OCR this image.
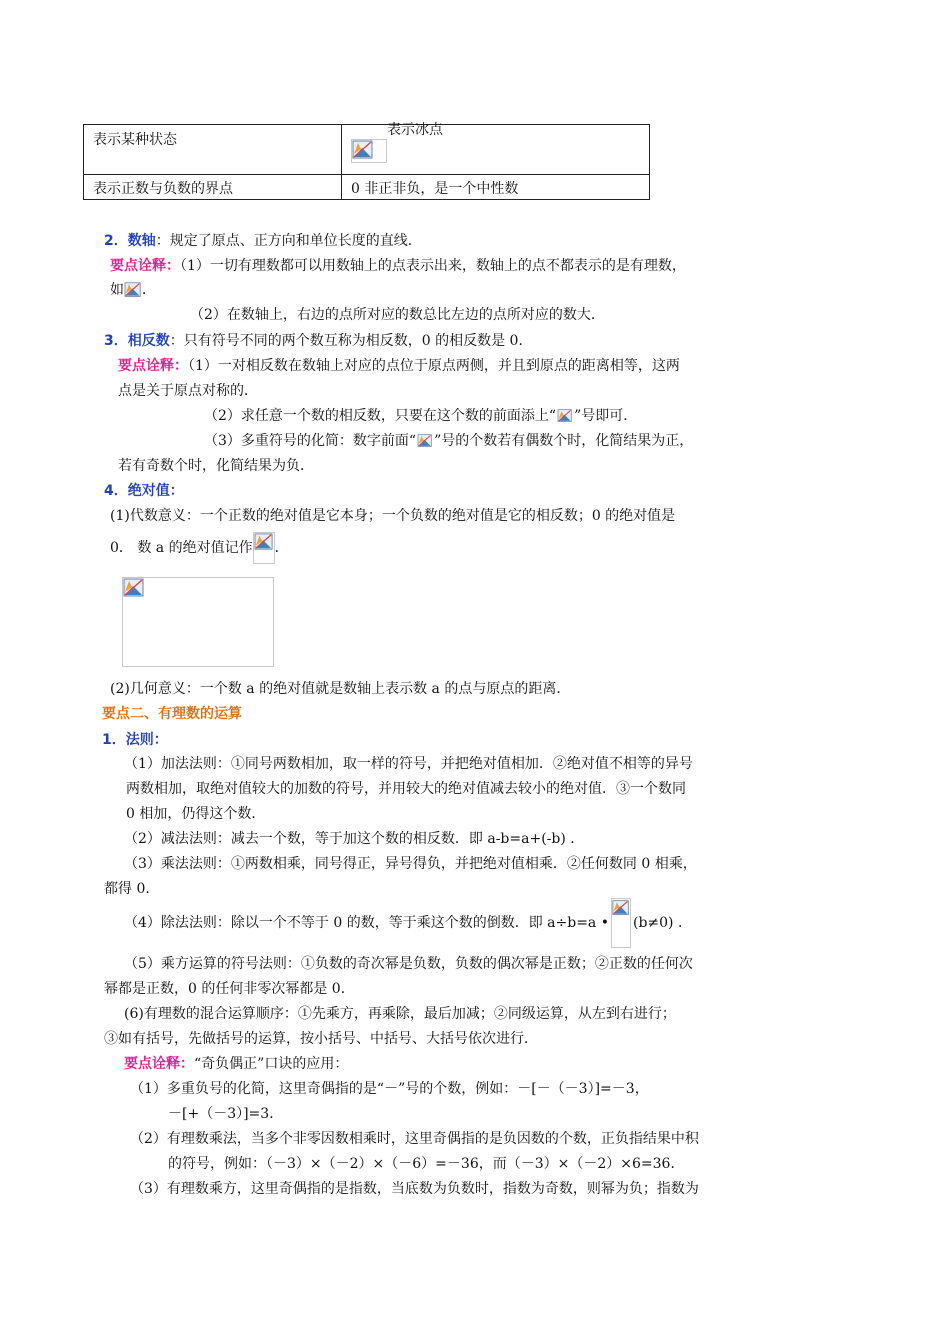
表示某种状态	表示冰点
表示正数与负数的界点	0 非正非负，是一个中性数
2．数轴：规定了原点、正方向和单位长度的直线．
要点诠释：（1）一切有理数都可以用数轴上的点表示出来，数轴上的点不都表示的是有理数，
如 ．
（2）在数轴上，右边的点所对应的数总比左边的点所对应的数大．
3．相反数：只有符号不同的两个数互称为相反数，0 的相反数是 0．
要点诠释：（1）一对相反数在数轴上对应的点位于原点两侧，并且到原点的距离相等，这两
点是关于原点对称的．
（2）求任意一个数的相反数，只要在这个数的前面添上“ ”号即可．
（3）多重符号的化简：数字前面“ ”号的个数若有偶数个时，化简结果为正，
若有奇数个时，化简结果为负．
4．绝对值：
(1)代数意义：一个正数的绝对值是它本身；一个负数的绝对值是它的相反数；0 的绝对值是
0． 数 a 的绝对值记作 ．
(2)几何意义：一个数 a 的绝对值就是数轴上表示数 a 的点与原点的距离．
要点二、有理数的运算
1．法则：
（1）加法法则：①同号两数相加，取一样的符号，并把绝对值相加．②绝对值不相等的异号
两数相加，取绝对值较大的加数的符号，并用较大的绝对值减去较小的绝对值．③一个数同
0 相加，仍得这个数．
（2）减法法则：减去一个数，等于加这个数的相反数．即 a-b=a+(-b) ．
（3）乘法法则：①两数相乘，同号得正，异号得负，并把绝对值相乘．②任何数同 0 相乘，
都得 0．
（4）除法法则：除以一个不等于 0 的数，等于乘这个数的倒数．即 a÷b=a • (b≠0) ．
（5）乘方运算的符号法则：①负数的奇次幂是负数，负数的偶次幂是正数；②正数的任何次
幂都是正数，0 的任何非零次幂都是 0．
(6)有理数的混合运算顺序：①先乘方，再乘除，最后加减；②同级运算，从左到右进行；
③如有括号，先做括号的运算，按小括号、中括号、大括号依次进行．
要点诠释：“奇负偶正”口诀的应用：
（1）多重负号的化简，这里奇偶指的是“－”号的个数，例如：－[－（－3）]=－3，
－[+（－3）]=3．
（2）有理数乘法，当多个非零因数相乘时，这里奇偶指的是负因数的个数，正负指结果中积
的符号，例如：（－3）×（－2）×（－6）=－36，而（－3）×（－2）×6=36．
（3）有理数乘方，这里奇偶指的是指数，当底数为负数时，指数为奇数，则幂为负；指数为
